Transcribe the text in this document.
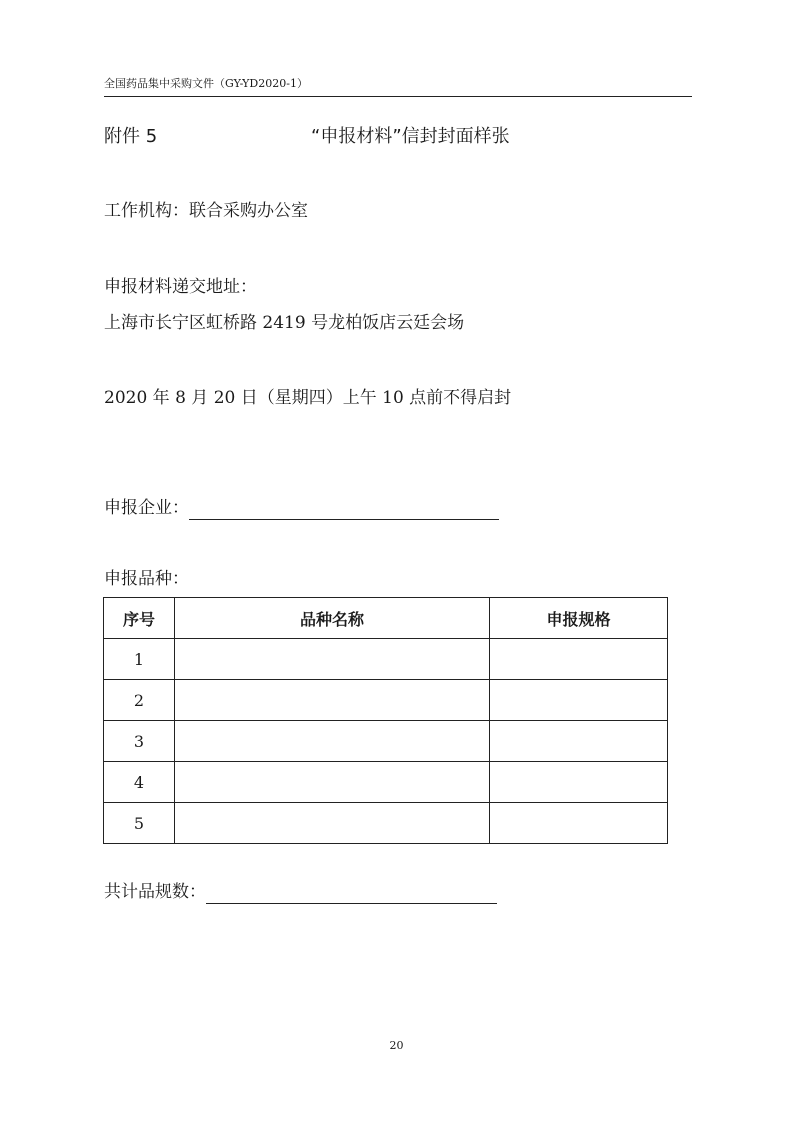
全国药品集中采购文件（GY-YD2020-1）
附件 5	“申报材料”信封封面样张
工作机构：联合采购办公室
申报材料递交地址：
上海市长宁区虹桥路 2419 号龙柏饭店云廷会场
2020 年 8 月 20 日（星期四）上午 10 点前不得启封
申报企业：
申报品种：
序号	品种名称	申报规格
1		
2		
3		
4		
5		
共计品规数：
20
